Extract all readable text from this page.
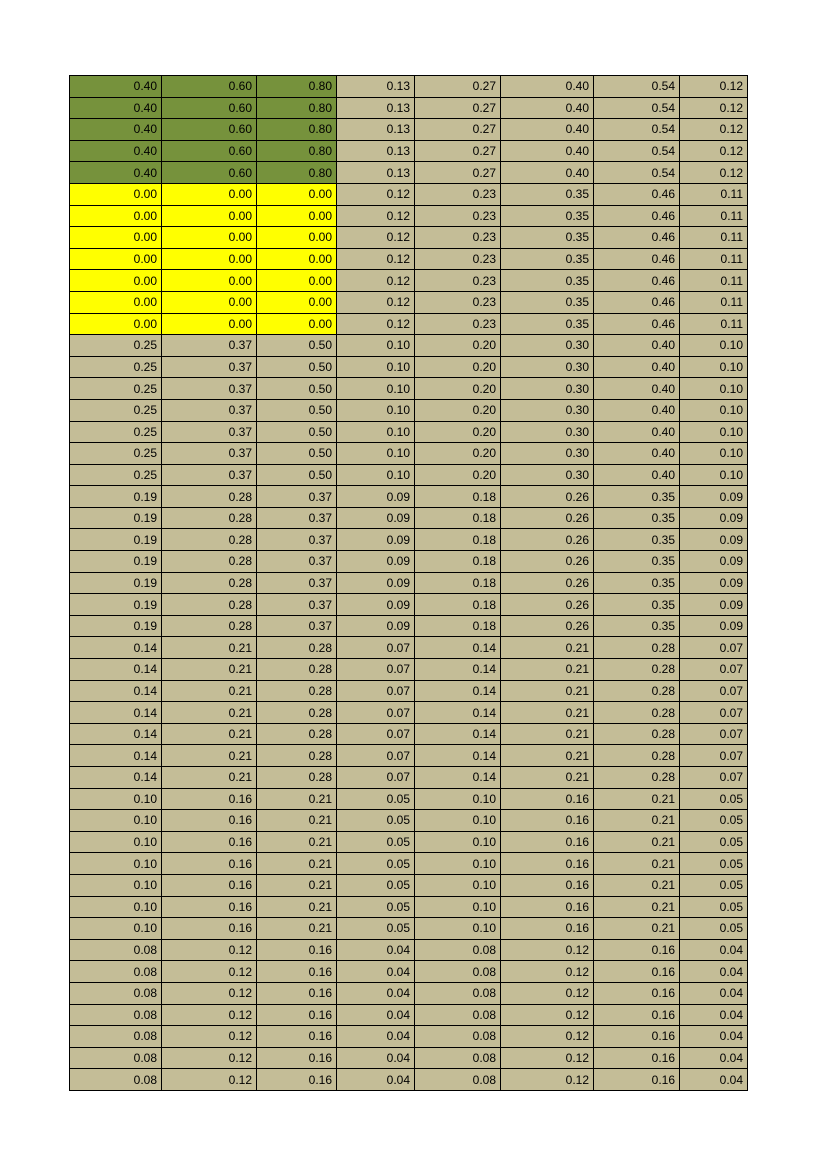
0.40	0.60	0.80	0.13	0.27	0.40	0.54	0.12
0.40	0.60	0.80	0.13	0.27	0.40	0.54	0.12
0.40	0.60	0.80	0.13	0.27	0.40	0.54	0.12
0.40	0.60	0.80	0.13	0.27	0.40	0.54	0.12
0.40	0.60	0.80	0.13	0.27	0.40	0.54	0.12
0.00	0.00	0.00	0.12	0.23	0.35	0.46	0.11
0.00	0.00	0.00	0.12	0.23	0.35	0.46	0.11
0.00	0.00	0.00	0.12	0.23	0.35	0.46	0.11
0.00	0.00	0.00	0.12	0.23	0.35	0.46	0.11
0.00	0.00	0.00	0.12	0.23	0.35	0.46	0.11
0.00	0.00	0.00	0.12	0.23	0.35	0.46	0.11
0.00	0.00	0.00	0.12	0.23	0.35	0.46	0.11
0.25	0.37	0.50	0.10	0.20	0.30	0.40	0.10
0.25	0.37	0.50	0.10	0.20	0.30	0.40	0.10
0.25	0.37	0.50	0.10	0.20	0.30	0.40	0.10
0.25	0.37	0.50	0.10	0.20	0.30	0.40	0.10
0.25	0.37	0.50	0.10	0.20	0.30	0.40	0.10
0.25	0.37	0.50	0.10	0.20	0.30	0.40	0.10
0.25	0.37	0.50	0.10	0.20	0.30	0.40	0.10
0.19	0.28	0.37	0.09	0.18	0.26	0.35	0.09
0.19	0.28	0.37	0.09	0.18	0.26	0.35	0.09
0.19	0.28	0.37	0.09	0.18	0.26	0.35	0.09
0.19	0.28	0.37	0.09	0.18	0.26	0.35	0.09
0.19	0.28	0.37	0.09	0.18	0.26	0.35	0.09
0.19	0.28	0.37	0.09	0.18	0.26	0.35	0.09
0.19	0.28	0.37	0.09	0.18	0.26	0.35	0.09
0.14	0.21	0.28	0.07	0.14	0.21	0.28	0.07
0.14	0.21	0.28	0.07	0.14	0.21	0.28	0.07
0.14	0.21	0.28	0.07	0.14	0.21	0.28	0.07
0.14	0.21	0.28	0.07	0.14	0.21	0.28	0.07
0.14	0.21	0.28	0.07	0.14	0.21	0.28	0.07
0.14	0.21	0.28	0.07	0.14	0.21	0.28	0.07
0.14	0.21	0.28	0.07	0.14	0.21	0.28	0.07
0.10	0.16	0.21	0.05	0.10	0.16	0.21	0.05
0.10	0.16	0.21	0.05	0.10	0.16	0.21	0.05
0.10	0.16	0.21	0.05	0.10	0.16	0.21	0.05
0.10	0.16	0.21	0.05	0.10	0.16	0.21	0.05
0.10	0.16	0.21	0.05	0.10	0.16	0.21	0.05
0.10	0.16	0.21	0.05	0.10	0.16	0.21	0.05
0.10	0.16	0.21	0.05	0.10	0.16	0.21	0.05
0.08	0.12	0.16	0.04	0.08	0.12	0.16	0.04
0.08	0.12	0.16	0.04	0.08	0.12	0.16	0.04
0.08	0.12	0.16	0.04	0.08	0.12	0.16	0.04
0.08	0.12	0.16	0.04	0.08	0.12	0.16	0.04
0.08	0.12	0.16	0.04	0.08	0.12	0.16	0.04
0.08	0.12	0.16	0.04	0.08	0.12	0.16	0.04
0.08	0.12	0.16	0.04	0.08	0.12	0.16	0.04
